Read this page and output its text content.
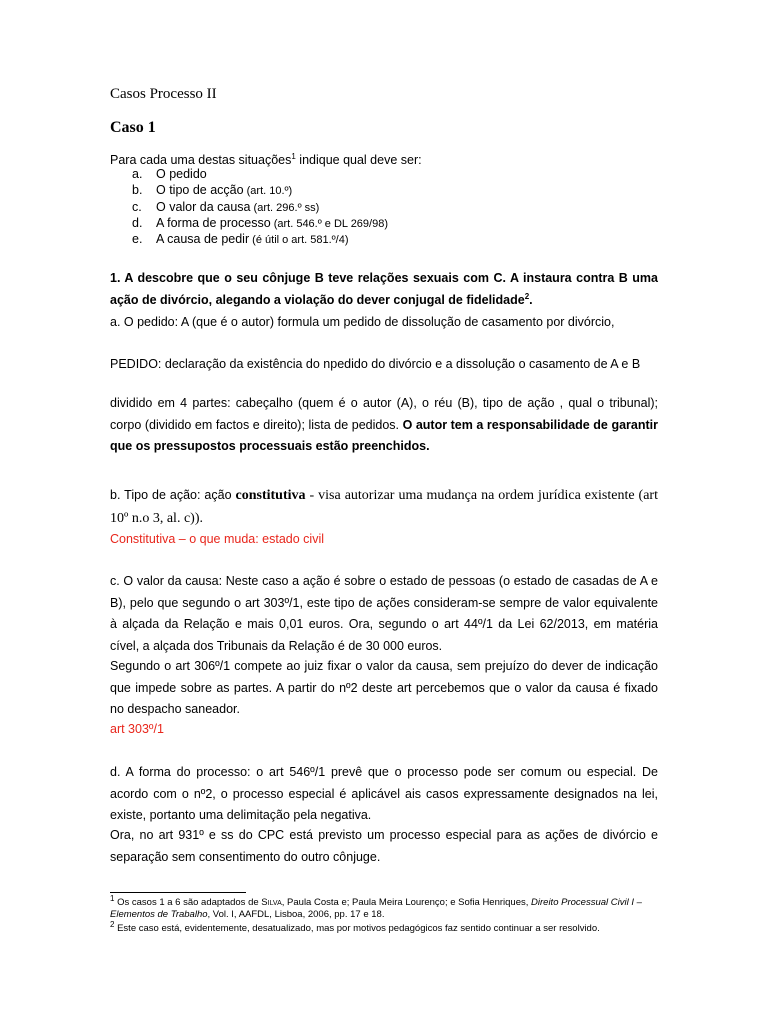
Casos Processo II
Caso 1

Para cada uma destas situações$^1$ indique qual deve ser:

a. O pedido
b. O tipo de acção (art. 10.º)
c. O valor da causa (art. 296.º ss)
d. A forma de processo (art. 546.º e DL 269/98)
e. A causa de pedir (é útil o art. 581.º/4)

1. A descobre que o seu cônjuge B teve relações sexuais com C. A instaura contra B uma ação de divórcio, alegando a violação do dever conjugal de fidelidade$^2$.

a. O pedido: A (que é o autor) formula um pedido de dissolução de casamento por divórcio,

PEDIDO: declaração da existência do npedido do divórcio e a dissolução o casamento de A e B

dividido em 4 partes: cabeçalho (quem é o autor (A), o réu (B), tipo de ação , qual o tribunal); corpo (dividido em factos e direito); lista de pedidos. O autor tem a responsabilidade de garantir que os pressupostos processuais estão preenchidos.

b. Tipo de ação: ação constitutiva - visa autorizar uma mudança na ordem jurídica existente (art 10º n.o 3, al. c)).

Constitutiva – o que muda: estado civil

c. O valor da causa: Neste caso a ação é sobre o estado de pessoas (o estado de casadas de A e B), pelo que segundo o art 303º/1, este tipo de ações consideram-se sempre de valor equivalente à alçada da Relação e mais 0,01 euros. Ora, segundo o art 44º/1 da Lei 62/2013, em matéria cível, a alçada dos Tribunais da Relação é de 30 000 euros.

Segundo o art 306º/1 compete ao juiz fixar o valor da causa, sem prejuízo do dever de indicação que impede sobre as partes. A partir do nº2 deste art percebemos que o valor da causa é fixado no despacho saneador.

art 303º/1

d. A forma do processo: o art 546º/1 prevê que o processo pode ser comum ou especial. De acordo com o nº2, o processo especial é aplicável ais casos expressamente designados na lei, existe, portanto uma delimitação pela negativa.

Ora, no art 931º e ss do CPC está previsto um processo especial para as ações de divórcio e separação sem consentimento do outro cônjuge.

$^1$ Os casos 1 a 6 são adaptados de Silva, Paula Costa e; Paula Meira Lourenço; e Sofia Henriques, Direito Processual Civil I – Elementos de Trabalho, Vol. I, AAFDL, Lisboa, 2006, pp. 17 e 18.

$^2$ Este caso está, evidentemente, desatualizado, mas por motivos pedagógicos faz sentido continuar a ser resolvido.
